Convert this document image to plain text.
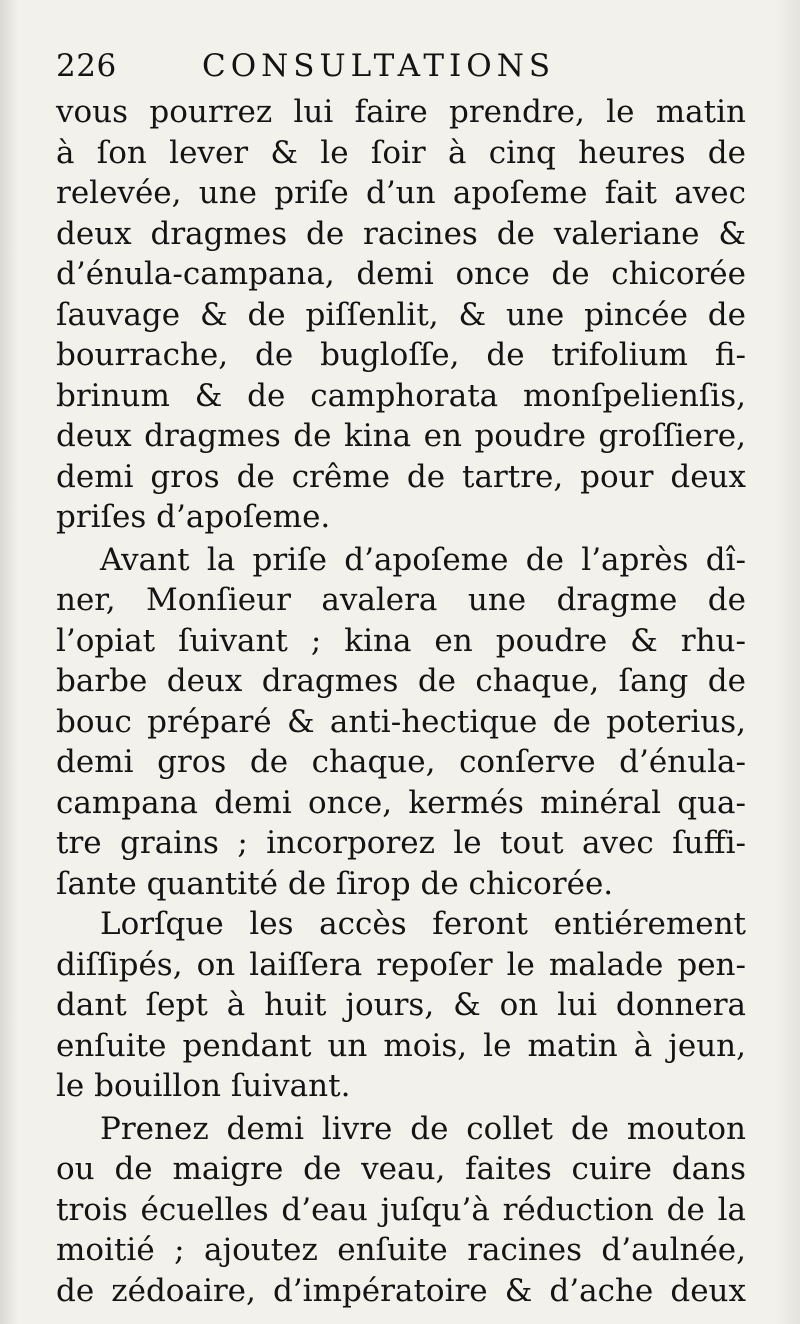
226	CONSULTATIONS
vous pourrez lui faire prendre, le matin
à ſon lever & le ſoir à cinq heures de
relevée, une priſe d’un apoſeme fait avec
deux dragmes de racines de valeriane &
d’énula-campana, demi once de chicorée
ſauvage & de piſſenlit, & une pincée de
bourrache, de bugloſſe, de trifolium fi-
brinum & de camphorata monſpelienſis,
deux dragmes de kina en poudre groſſiere,
demi gros de crême de tartre, pour deux
priſes d’apoſeme.
Avant la priſe d’apoſeme de l’après dî-
ner, Monſieur avalera une dragme de
l’opiat ſuivant ; kina en poudre & rhu-
barbe deux dragmes de chaque, ſang de
bouc préparé & anti-hectique de poterius,
demi gros de chaque, conſerve d’énula-
campana demi once, kermés minéral qua-
tre grains ; incorporez le tout avec ſuffi-
ſante quantité de ſirop de chicorée.
Lorſque les accès feront entiérement
diſſipés, on laiſſera repoſer le malade pen-
dant ſept à huit jours, & on lui donnera
enſuite pendant un mois, le matin à jeun,
le bouillon ſuivant.
Prenez demi livre de collet de mouton
ou de maigre de veau, faites cuire dans
trois écuelles d’eau juſqu’à réduction de la
moitié ; ajoutez enſuite racines d’aulnée,
de zédoaire, d’impératoire & d’ache deux
